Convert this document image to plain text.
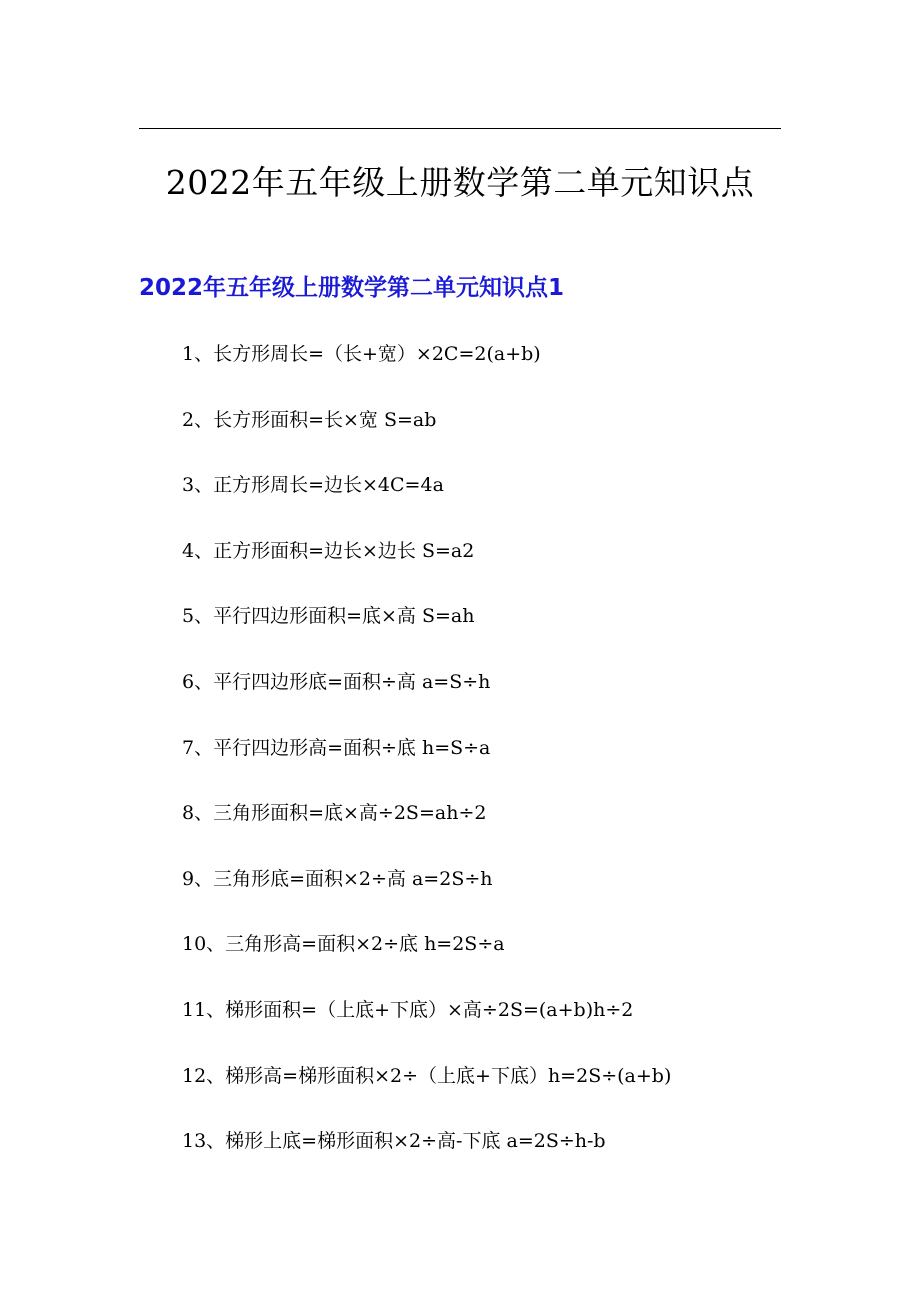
2022年五年级上册数学第二单元知识点
2022年五年级上册数学第二单元知识点1
1、长方形周长=（长+宽）×2C=2(a+b)
2、长方形面积=长×宽 S=ab
3、正方形周长=边长×4C=4a
4、正方形面积=边长×边长 S=a2
5、平行四边形面积=底×高 S=ah
6、平行四边形底=面积÷高 a=S÷h
7、平行四边形高=面积÷底 h=S÷a
8、三角形面积=底×高÷2S=ah÷2
9、三角形底=面积×2÷高 a=2S÷h
10、三角形高=面积×2÷底 h=2S÷a
11、梯形面积=（上底+下底）×高÷2S=(a+b)h÷2
12、梯形高=梯形面积×2÷（上底+下底）h=2S÷(a+b)
13、梯形上底=梯形面积×2÷高-下底 a=2S÷h-b
